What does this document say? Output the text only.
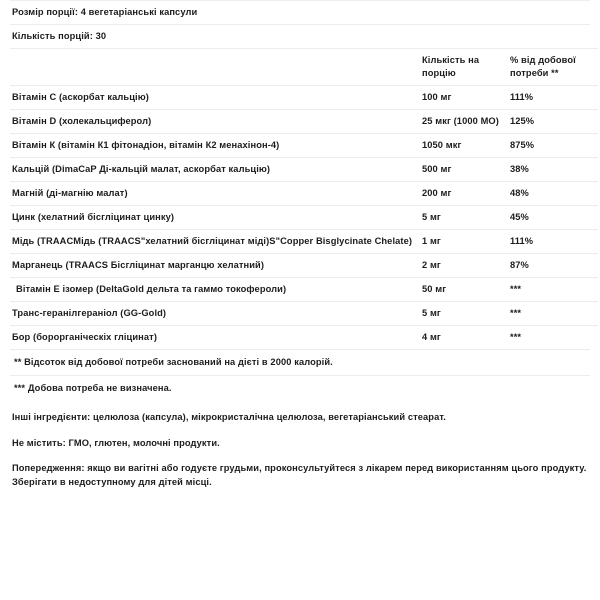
Розмір порції: 4 вегетаріанські капсули
Кількість порцій: 30
	Кількість на порцію	% від добової потреби **
Вітамін C (аскорбат кальцію)	100 мг	111%
Вітамін D (холекальциферол)	25 мкг (1000 МО)	125%
Вітамін К (вітамін К1 фітонадіон, вітамін К2 менахінон-4)	1050 мкг	875%
Кальцій (DimaCaP Ді-кальцій малат, аскорбат кальцію)	500 мг	38%
Магній (ді-магнію малат)	200 мг	48%
Цинк (хелатний бісгліцинат цинку)	5 мг	45%
Мідь (TRAACМідь (TRAACS"хелатний бісгліцинат міді)S"Copper Bisglycinate Chelate)	1 мг	111%
Марганець (TRAACS Бісгліцинат марганцю хелатний)	2 мг	87%
Вітамін Е ізомер (DeltaGold дельта та гаммо токофероли)	50 мг	***
Транс-геранілгераніол (GG-Gold)	5 мг	***
Бор (борорганіческіх гліцинат)	4 мг	***
** Відсоток від добової потреби заснований на дієті в 2000 калорій.
*** Добова потреба не визначена.

Інші інгредієнти: целюлоза (капсула), мікрокристалічна целюлоза, вегетаріанський стеарат.

Не містить: ГМО, глютен, молочні продукти.

Попередження: якщо ви вагітні або годуєте грудьми, проконсультуйтеся з лікарем перед використанням цього продукту. Зберігати в недоступному для дітей місці.
